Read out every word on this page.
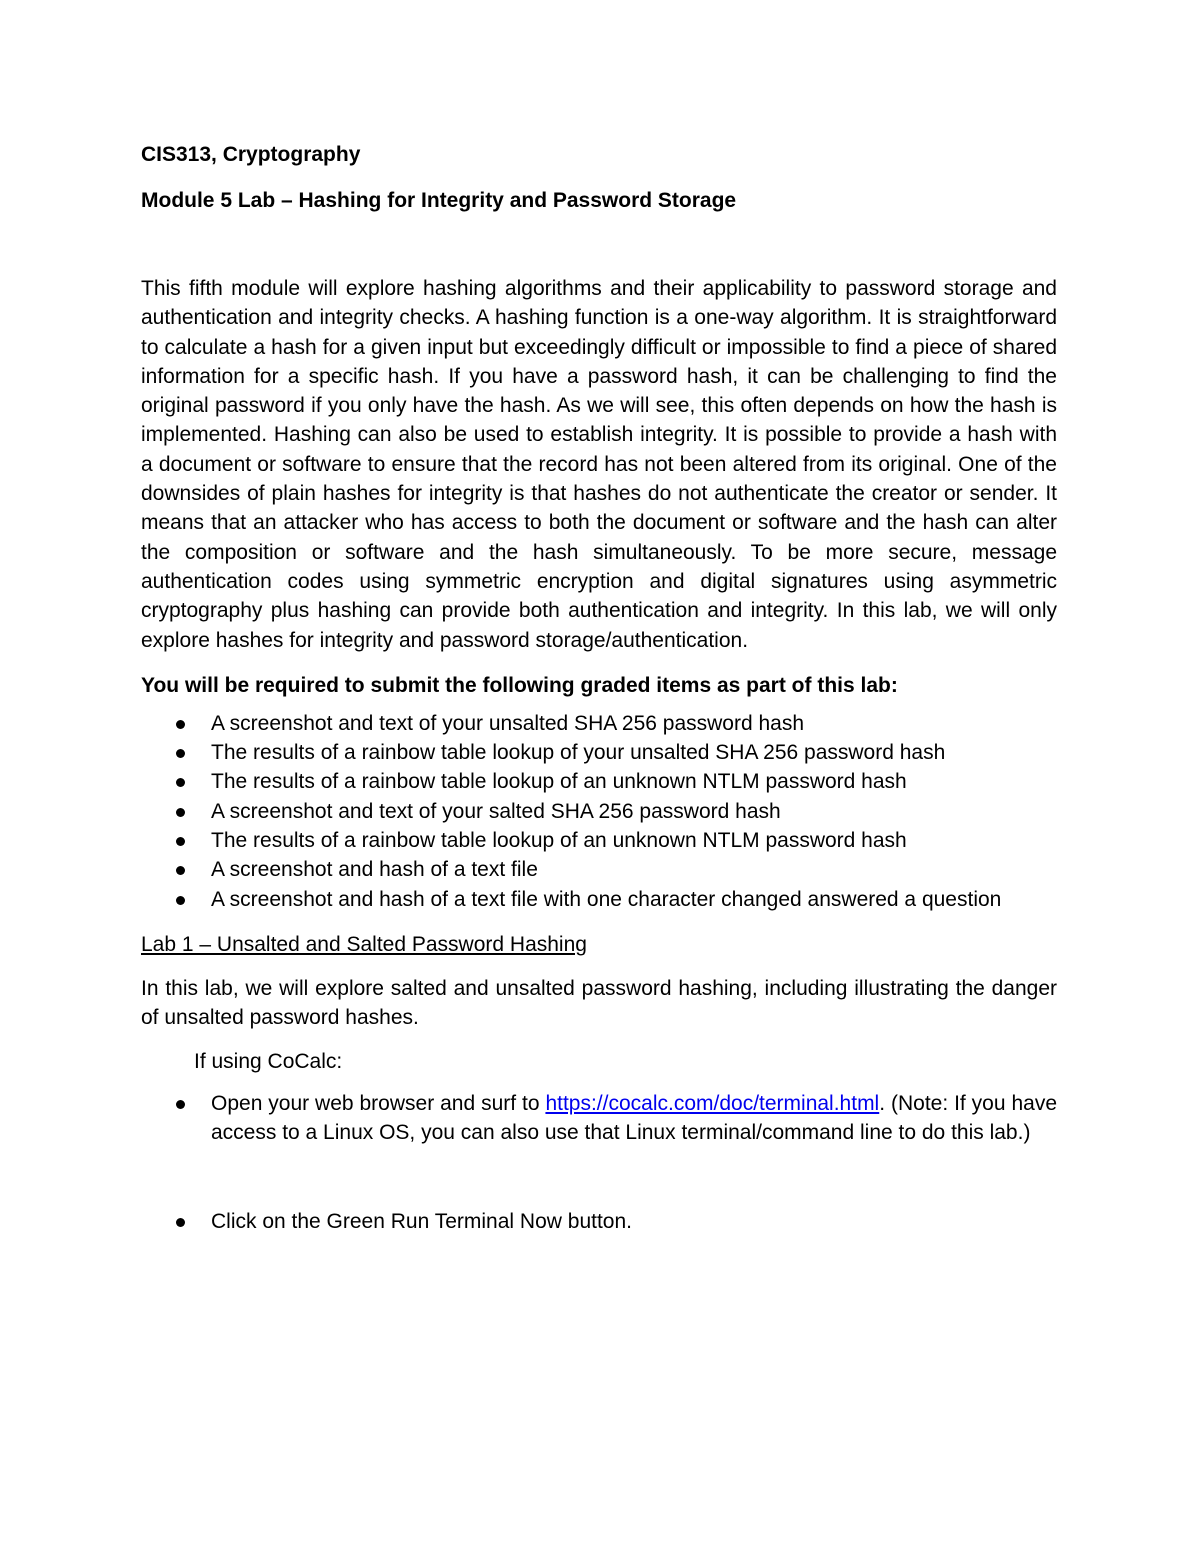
CIS313, Cryptography
Module 5 Lab – Hashing for Integrity and Password Storage

This fifth module will explore hashing algorithms and their applicability to password storage and authentication and integrity checks. A hashing function is a one-way algorithm. It is straightforward to calculate a hash for a given input but exceedingly difficult or impossible to find a piece of shared information for a specific hash. If you have a password hash, it can be challenging to find the original password if you only have the hash. As we will see, this often depends on how the hash is implemented. Hashing can also be used to establish integrity. It is possible to provide a hash with a document or software to ensure that the record has not been altered from its original. One of the downsides of plain hashes for integrity is that hashes do not authenticate the creator or sender. It means that an attacker who has access to both the document or software and the hash can alter the composition or software and the hash simultaneously. To be more secure, message authentication codes using symmetric encryption and digital signatures using asymmetric cryptography plus hashing can provide both authentication and integrity. In this lab, we will only explore hashes for integrity and password storage/authentication.

You will be required to submit the following graded items as part of this lab:
A screenshot and text of your unsalted SHA 256 password hash
The results of a rainbow table lookup of your unsalted SHA 256 password hash
The results of a rainbow table lookup of an unknown NTLM password hash
A screenshot and text of your salted SHA 256 password hash
The results of a rainbow table lookup of an unknown NTLM password hash
A screenshot and hash of a text file
A screenshot and hash of a text file with one character changed answered a question
Lab 1 – Unsalted and Salted Password Hashing

In this lab, we will explore salted and unsalted password hashing, including illustrating the danger of unsalted password hashes.

If using CoCalc:
Open your web browser and surf to https://cocalc.com/doc/terminal.html. (Note: If you have access to a Linux OS, you can also use that Linux terminal/command line to do this lab.)
Click on the Green Run Terminal Now button.
